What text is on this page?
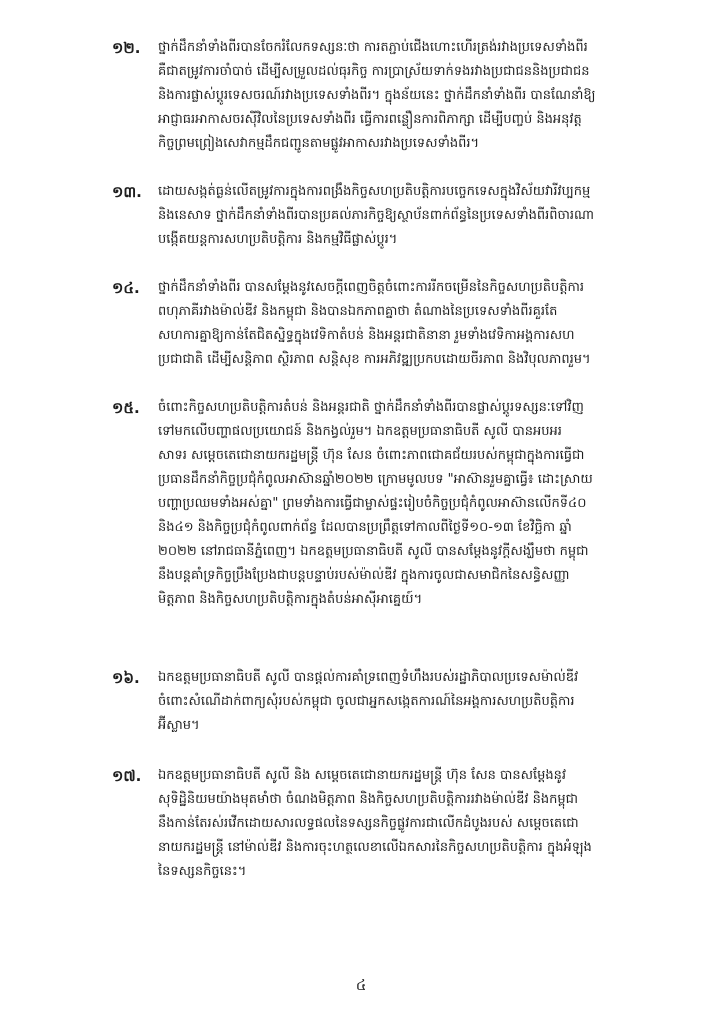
១២.	ថ្នាក់ដឹកនាំទាំងពីរបានចែករំលែកទស្សនៈថា ការតភ្ជាប់ជើងហោះហើរត្រង់រវាងប្រទេសទាំងពីរ
គឺជាតម្រូវការចាំបាច់ ដើម្បីសម្រួលដល់ធុរកិច្ច ការប្រាស្រ័យទាក់ទងរវាងប្រជាជននិងប្រជាជន
និងការផ្លាស់ប្តូរទេសចរណ៍រវាងប្រទេសទាំងពីរ។ ក្នុងន័យនេះ ថ្នាក់ដឹកនាំទាំងពីរ បានណែនាំឱ្យ
អាជ្ញាធរអាកាសចរស៊ីវិលនៃប្រទេសទាំងពីរ ធ្វើការពន្លឿនការពិភាក្សា ដើម្បីបញ្ចប់ និងអនុវត្ត
កិច្ចព្រមព្រៀងសេវាកម្មដឹកជញ្ជូនតាមផ្លូវអាកាសរវាងប្រទេសទាំងពីរ។
១៣.	ដោយសង្កត់ធ្ងន់លើតម្រូវការក្នុងការពង្រឹងកិច្ចសហប្រតិបត្តិការបច្ចេកទេសក្នុងវិស័យវារីវប្បកម្ម
និងនេសាទ ថ្នាក់ដឹកនាំទាំងពីរបានប្រគល់ភារកិច្ចឱ្យស្ថាប័នពាក់ព័ន្ធនៃប្រទេសទាំងពីរពិចារណា
បង្កើតយន្តការសហប្រតិបត្តិការ និងកម្មវិធីផ្លាស់ប្តូរ។
១៤.	ថ្នាក់ដឹកនាំទាំងពីរ បានសម្តែងនូវសេចក្តីពេញចិត្តចំពោះការរីកចម្រើននៃកិច្ចសហប្រតិបត្តិការ
ពហុភាគីរវាងម៉ាល់ឌីវ និងកម្ពុជា និងបានឯកភាពគ្នាថា តំណាងនៃប្រទេសទាំងពីរគួរតែ
សហការគ្នាឱ្យកាន់តែជិតស្និទ្ធក្នុងវេទិកាតំបន់ និងអន្តរជាតិនានា រួមទាំងវេទិកាអង្គការសហ
ប្រជាជាតិ ដើម្បីសន្តិភាព ស្ថិរភាព សន្តិសុខ ការអភិវឌ្ឍប្រកបដោយចីរភាព និងវិបុលភាពរួម។
១៥.	ចំពោះកិច្ចសហប្រតិបត្តិការតំបន់ និងអន្តរជាតិ ថ្នាក់ដឹកនាំទាំងពីរបានផ្លាស់ប្តូរទស្សនៈទៅវិញ
ទៅមកលើបញ្ហាផលប្រយោជន៍ និងកង្វល់រួម។ ឯកឧត្តមប្រធានាធិបតី សូលី បានអបអរ
សាទរ សម្តេចតេជោនាយករដ្ឋមន្ត្រី ហ៊ុន សែន ចំពោះភាពជោគជ័យរបស់កម្ពុជាក្នុងការធ្វើជា
ប្រធានដឹកនាំកិច្ចប្រជុំកំពូលអាស៊ានឆ្នាំ២០២២ ក្រោមមូលបទ "អាស៊ានរួមគ្នាធ្វើ៖ ដោះស្រាយ
បញ្ហាប្រឈមទាំងអស់គ្នា" ព្រមទាំងការធ្វើជាម្ចាស់ផ្ទះរៀបចំកិច្ចប្រជុំកំពូលអាស៊ានលើកទី៤០
និង៤១ និងកិច្ចប្រជុំកំពូលពាក់ព័ន្ធ ដែលបានប្រព្រឹត្តទៅកាលពីថ្ងៃទី១០-១៣ ខែវិច្ឆិកា ឆ្នាំ
២០២២ នៅរាជធានីភ្នំពេញ។ ឯកឧត្តមប្រធានាធិបតី សូលី បានសម្តែងនូវក្តីសង្ឃឹមថា កម្ពុជា
នឹងបន្តគាំទ្រកិច្ចប្រឹងប្រែងជាបន្តបន្ទាប់របស់ម៉ាល់ឌីវ ក្នុងការចូលជាសមាជិកនៃសន្ធិសញ្ញា
មិត្តភាព និងកិច្ចសហប្រតិបត្តិការក្នុងតំបន់អាស៊ីអាគ្នេយ៍។
១៦.	ឯកឧត្តមប្រធានាធិបតី សូលី បានផ្តល់ការគាំទ្រពេញទំហឹងរបស់រដ្ឋាភិបាលប្រទេសម៉ាល់ឌីវ
ចំពោះសំណើដាក់ពាក្យសុំរបស់កម្ពុជា ចូលជាអ្នកសង្កេតការណ៍នៃអង្គការសហប្រតិបត្តិការ
អ៊ីស្លាម។
១៧.	ឯកឧត្តមប្រធានាធិបតី សូលី និង សម្តេចតេជោនាយករដ្ឋមន្ត្រី ហ៊ុន សែន បានសម្តែងនូវ
សុទិដ្ឋិនិយមយ៉ាងមុតមាំថា ចំណងមិត្តភាព និងកិច្ចសហប្រតិបត្តិការរវាងម៉ាល់ឌីវ និងកម្ពុជា
នឹងកាន់តែរស់រវើកដោយសារលទ្ធផលនៃទស្សនកិច្ចផ្លូវការជាលើកដំបូងរបស់ សម្តេចតេជោ
នាយករដ្ឋមន្ត្រី នៅម៉ាល់ឌីវ និងការចុះហត្ថលេខាលើឯកសារនៃកិច្ចសហប្រតិបត្តិការ ក្នុងអំឡុង
នៃទស្សនកិច្ចនេះ។
៤
